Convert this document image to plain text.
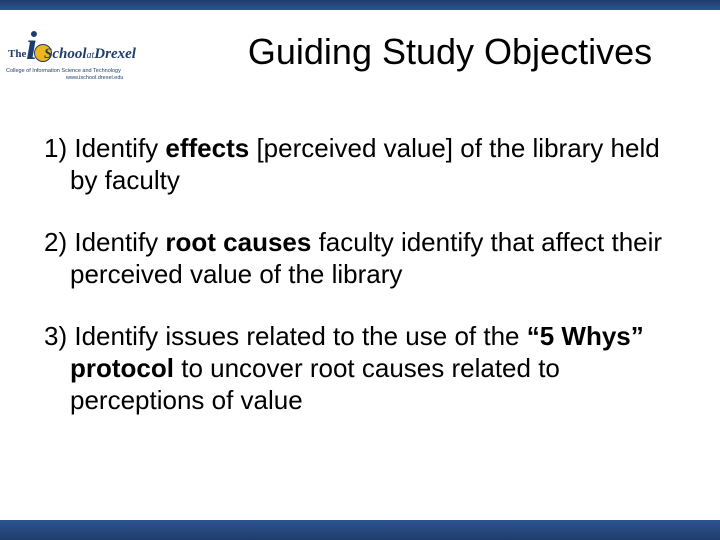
The i SchoolatDrexel
College of Information Science and Technology
www.ischool.drexel.edu
Guiding Study Objectives
1) Identify effects [perceived value] of the library held by faculty
2) Identify root causes faculty identify that affect their perceived value of the library
3) Identify issues related to the use of the “5 Whys” protocol to uncover root causes related to perceptions of value
